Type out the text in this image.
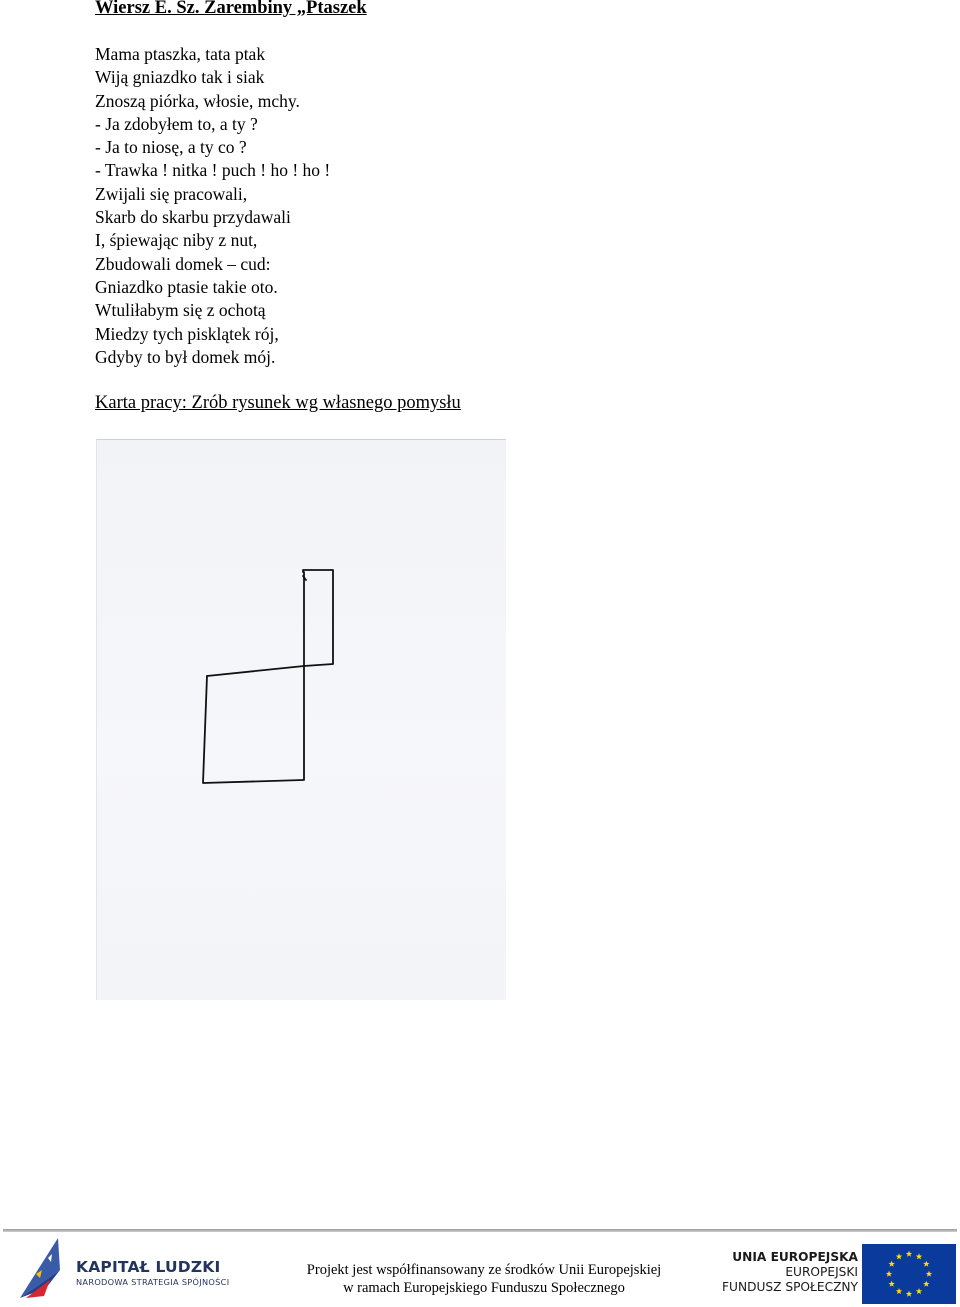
Wiersz E. Sz. Zarembiny „Ptaszek
Mama ptaszka, tata ptak
Wiją gniazdko tak i siak
Znoszą piórka, włosie, mchy.
- Ja zdobyłem to, a ty ?
- Ja to niosę, a ty co ?
- Trawka ! nitka ! puch ! ho ! ho !
Zwijali się pracowali,
Skarb do skarbu przydawali
I, śpiewając niby z nut,
Zbudowali domek – cud:
Gniazdko ptasie takie oto.
Wtuliłabym się z ochotą
Miedzy tych pisklątek rój,
Gdyby to był domek mój.
Karta pracy: Zrób rysunek wg własnego pomysłu
KAPITAŁ LUDZKI
NARODOWA STRATEGIA SPÓJNOŚCI
Projekt jest współfinansowany ze środków Unii Europejskiej
w ramach Europejskiego Funduszu Społecznego
UNIA EUROPEJSKA
EUROPEJSKI
FUNDUSZ SPOŁECZNY
